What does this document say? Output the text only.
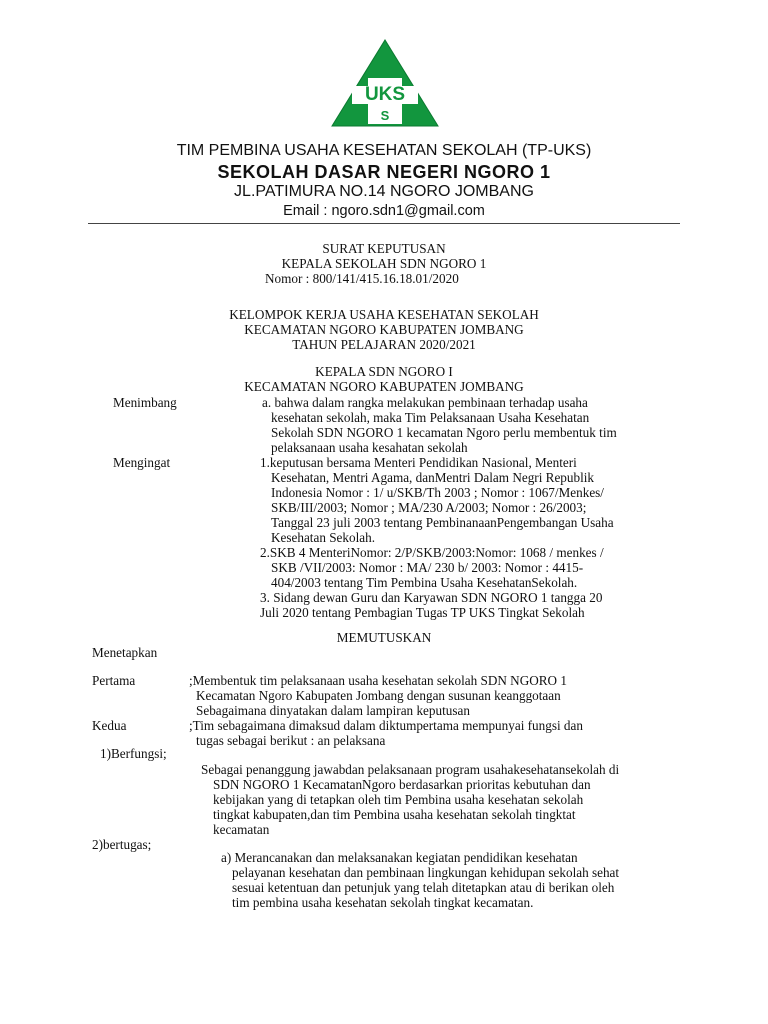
U
UKS
S
TIM PEMBINA USAHA KESEHATAN SEKOLAH (TP-UKS)
SEKOLAH DASAR NEGERI NGORO 1
JL.PATIMURA NO.14 NGORO JOMBANG
Email : ngoro.sdn1@gmail.com
SURAT KEPUTUSAN
KEPALA SEKOLAH SDN NGORO 1
Nomor : 800/141/415.16.18.01/2020
KELOMPOK KERJA USAHA KESEHATAN SEKOLAH
KECAMATAN NGORO KABUPATEN JOMBANG
TAHUN PELAJARAN 2020/2021
KEPALA SDN NGORO I
KECAMATAN NGORO KABUPATEN JOMBANG
Menimbang	a. bahwa dalam rangka melakukan pembinaan terhadap usaha
kesehatan sekolah, maka Tim Pelaksanaan Usaha Kesehatan
Sekolah SDN NGORO 1 kecamatan Ngoro perlu membentuk tim
pelaksanaan usaha kesahatan sekolah
Mengingat	1.keputusan bersama Menteri Pendidikan Nasional, Menteri
Kesehatan, Mentri Agama, danMentri Dalam Negri Republik
Indonesia Nomor : 1/ u/SKB/Th 2003 ; Nomor : 1067/Menkes/
SKB/III/2003; Nomor ; MA/230 A/2003; Nomor : 26/2003;
Tanggal 23 juli 2003 tentang PembinanaanPengembangan Usaha
Kesehatan Sekolah.
2.SKB 4 MenteriNomor: 2/P/SKB/2003:Nomor: 1068 / menkes /
SKB /VII/2003: Nomor : MA/ 230 b/ 2003: Nomor : 4415-
404/2003 tentang Tim Pembina Usaha KesehatanSekolah.
3. Sidang dewan Guru dan Karyawan SDN NGORO 1 tangga 20
Juli 2020 tentang Pembagian Tugas TP UKS Tingkat Sekolah
MEMUTUSKAN
Menetapkan
Pertama	;Membentuk tim pelaksanaan usaha kesehatan sekolah SDN NGORO 1
Kecamatan Ngoro Kabupaten Jombang dengan susunan keanggotaan
Sebagaimana dinyatakan dalam lampiran keputusan
Kedua	;Tim sebagaimana dimaksud dalam diktumpertama mempunyai fungsi dan
tugas sebagai berikut : an pelaksana
1)Berfungsi;
Sebagai penanggung jawabdan pelaksanaan program usahakesehatansekolah di
SDN NGORO 1 KecamatanNgoro berdasarkan prioritas kebutuhan dan
kebijakan yang di tetapkan oleh tim Pembina usaha kesehatan sekolah
tingkat kabupaten,dan tim Pembina usaha kesehatan sekolah tingktat
kecamatan
2)bertugas;
a) Merancanakan dan melaksanakan kegiatan pendidikan kesehatan
pelayanan kesehatan dan pembinaan lingkungan kehidupan sekolah sehat
sesuai ketentuan dan petunjuk yang telah ditetapkan atau di berikan oleh
tim pembina usaha kesehatan sekolah tingkat kecamatan.
